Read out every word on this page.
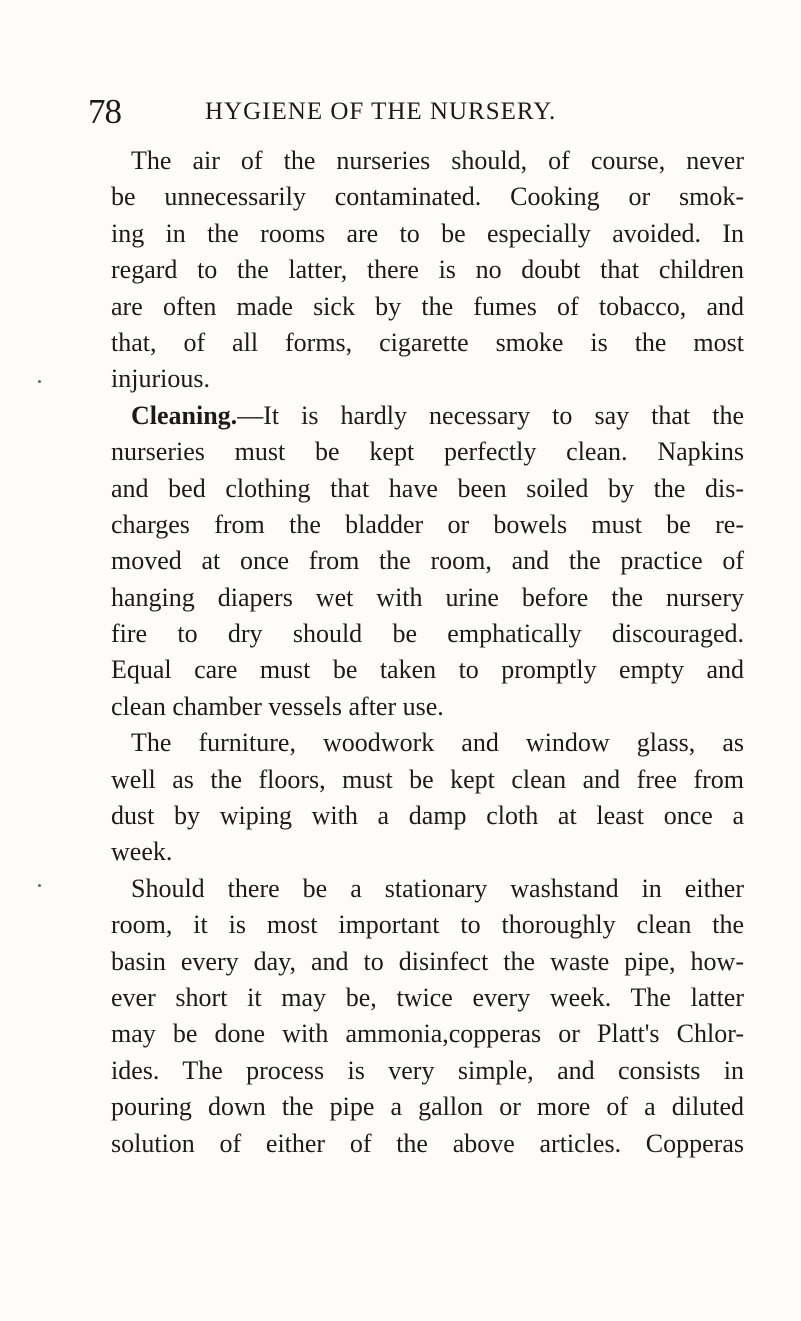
78	HYGIENE OF THE NURSERY.
The air of the nurseries should, of course, never
be unnecessarily contaminated. Cooking or smok-
ing in the rooms are to be especially avoided. In
regard to the latter, there is no doubt that children
are often made sick by the fumes of tobacco, and
that, of all forms, cigarette smoke is the most
injurious.
Cleaning.—It is hardly necessary to say that the
nurseries must be kept perfectly clean. Napkins
and bed clothing that have been soiled by the dis-
charges from the bladder or bowels must be re-
moved at once from the room, and the practice of
hanging diapers wet with urine before the nursery
fire to dry should be emphatically discouraged.
Equal care must be taken to promptly empty and
clean chamber vessels after use.
The furniture, woodwork and window glass, as
well as the floors, must be kept clean and free from
dust by wiping with a damp cloth at least once a
week.
Should there be a stationary washstand in either
room, it is most important to thoroughly clean the
basin every day, and to disinfect the waste pipe, how-
ever short it may be, twice every week. The latter
may be done with ammonia,copperas or Platt's Chlor-
ides. The process is very simple, and consists in
pouring down the pipe a gallon or more of a diluted
solution of either of the above articles. Copperas
